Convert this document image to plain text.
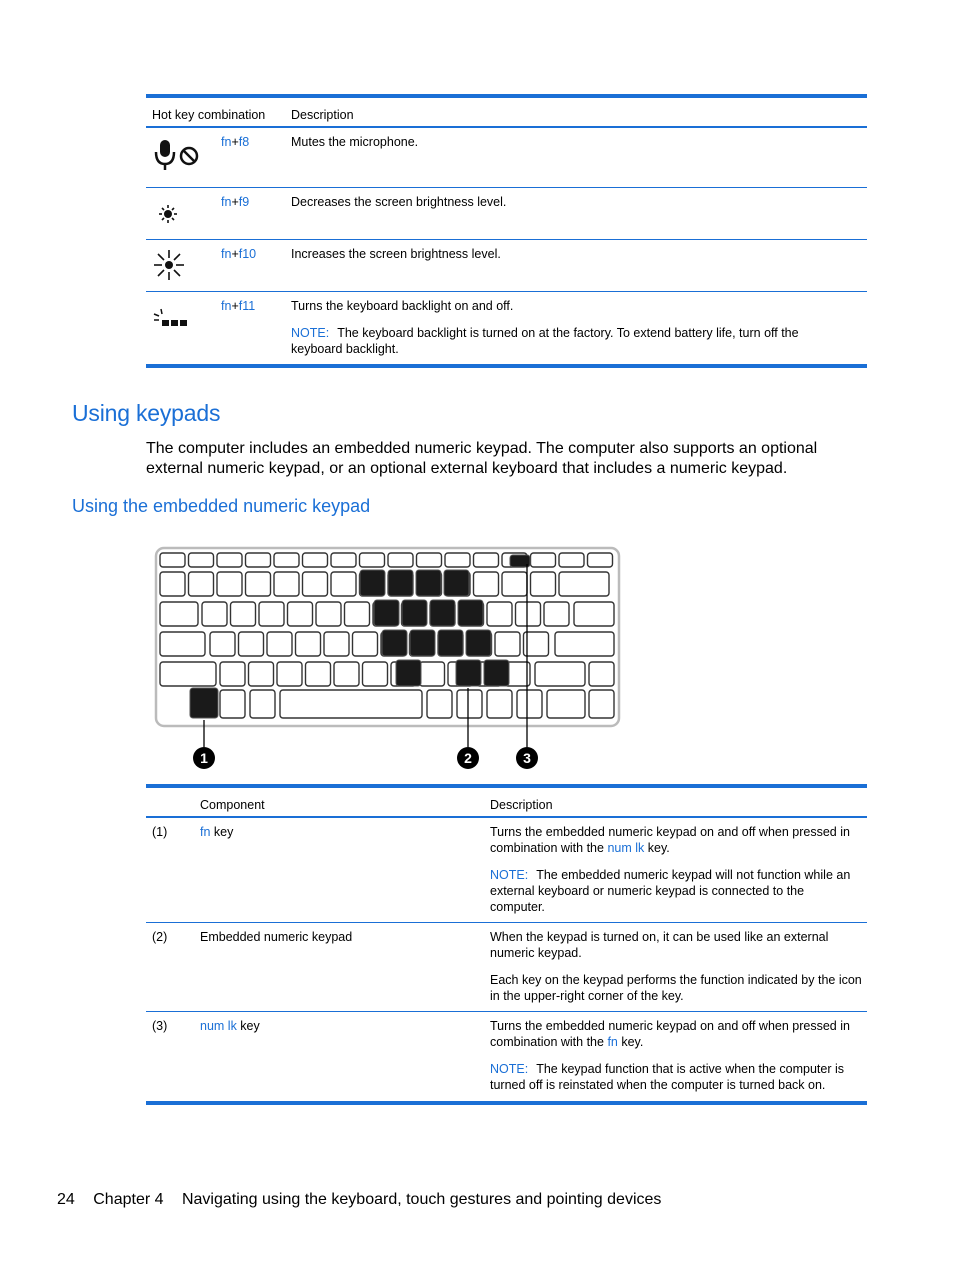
Hot key combination Description
fn+f8	Mutes the microphone.
fn+f9	Decreases the screen brightness level.
fn+f10	Increases the screen brightness level.
fn+f11	Turns the keyboard backlight on and off.
NOTE: The keyboard backlight is turned on at the factory. To extend battery life, turn off the keyboard backlight.
Using keypads

The computer includes an embedded numeric keypad. The computer also supports an optional external numeric keypad, or an optional external keyboard that includes a numeric keypad.

Using the embedded numeric keypad
1	2	3
Component	Description
(1)	fn key	Turns the embedded numeric keypad on and off when pressed in combination with the num lk key.
NOTE: The embedded numeric keypad will not function while an external keyboard or numeric keypad is connected to the computer.
(2)	Embedded numeric keypad	When the keypad is turned on, it can be used like an external numeric keypad.
Each key on the keypad performs the function indicated by the icon in the upper-right corner of the key.
(3)	num lk key	Turns the embedded numeric keypad on and off when pressed in combination with the fn key.
NOTE: The keypad function that is active when the computer is turned off is reinstated when the computer is turned back on.
24 Chapter 4 Navigating using the keyboard, touch gestures and pointing devices
